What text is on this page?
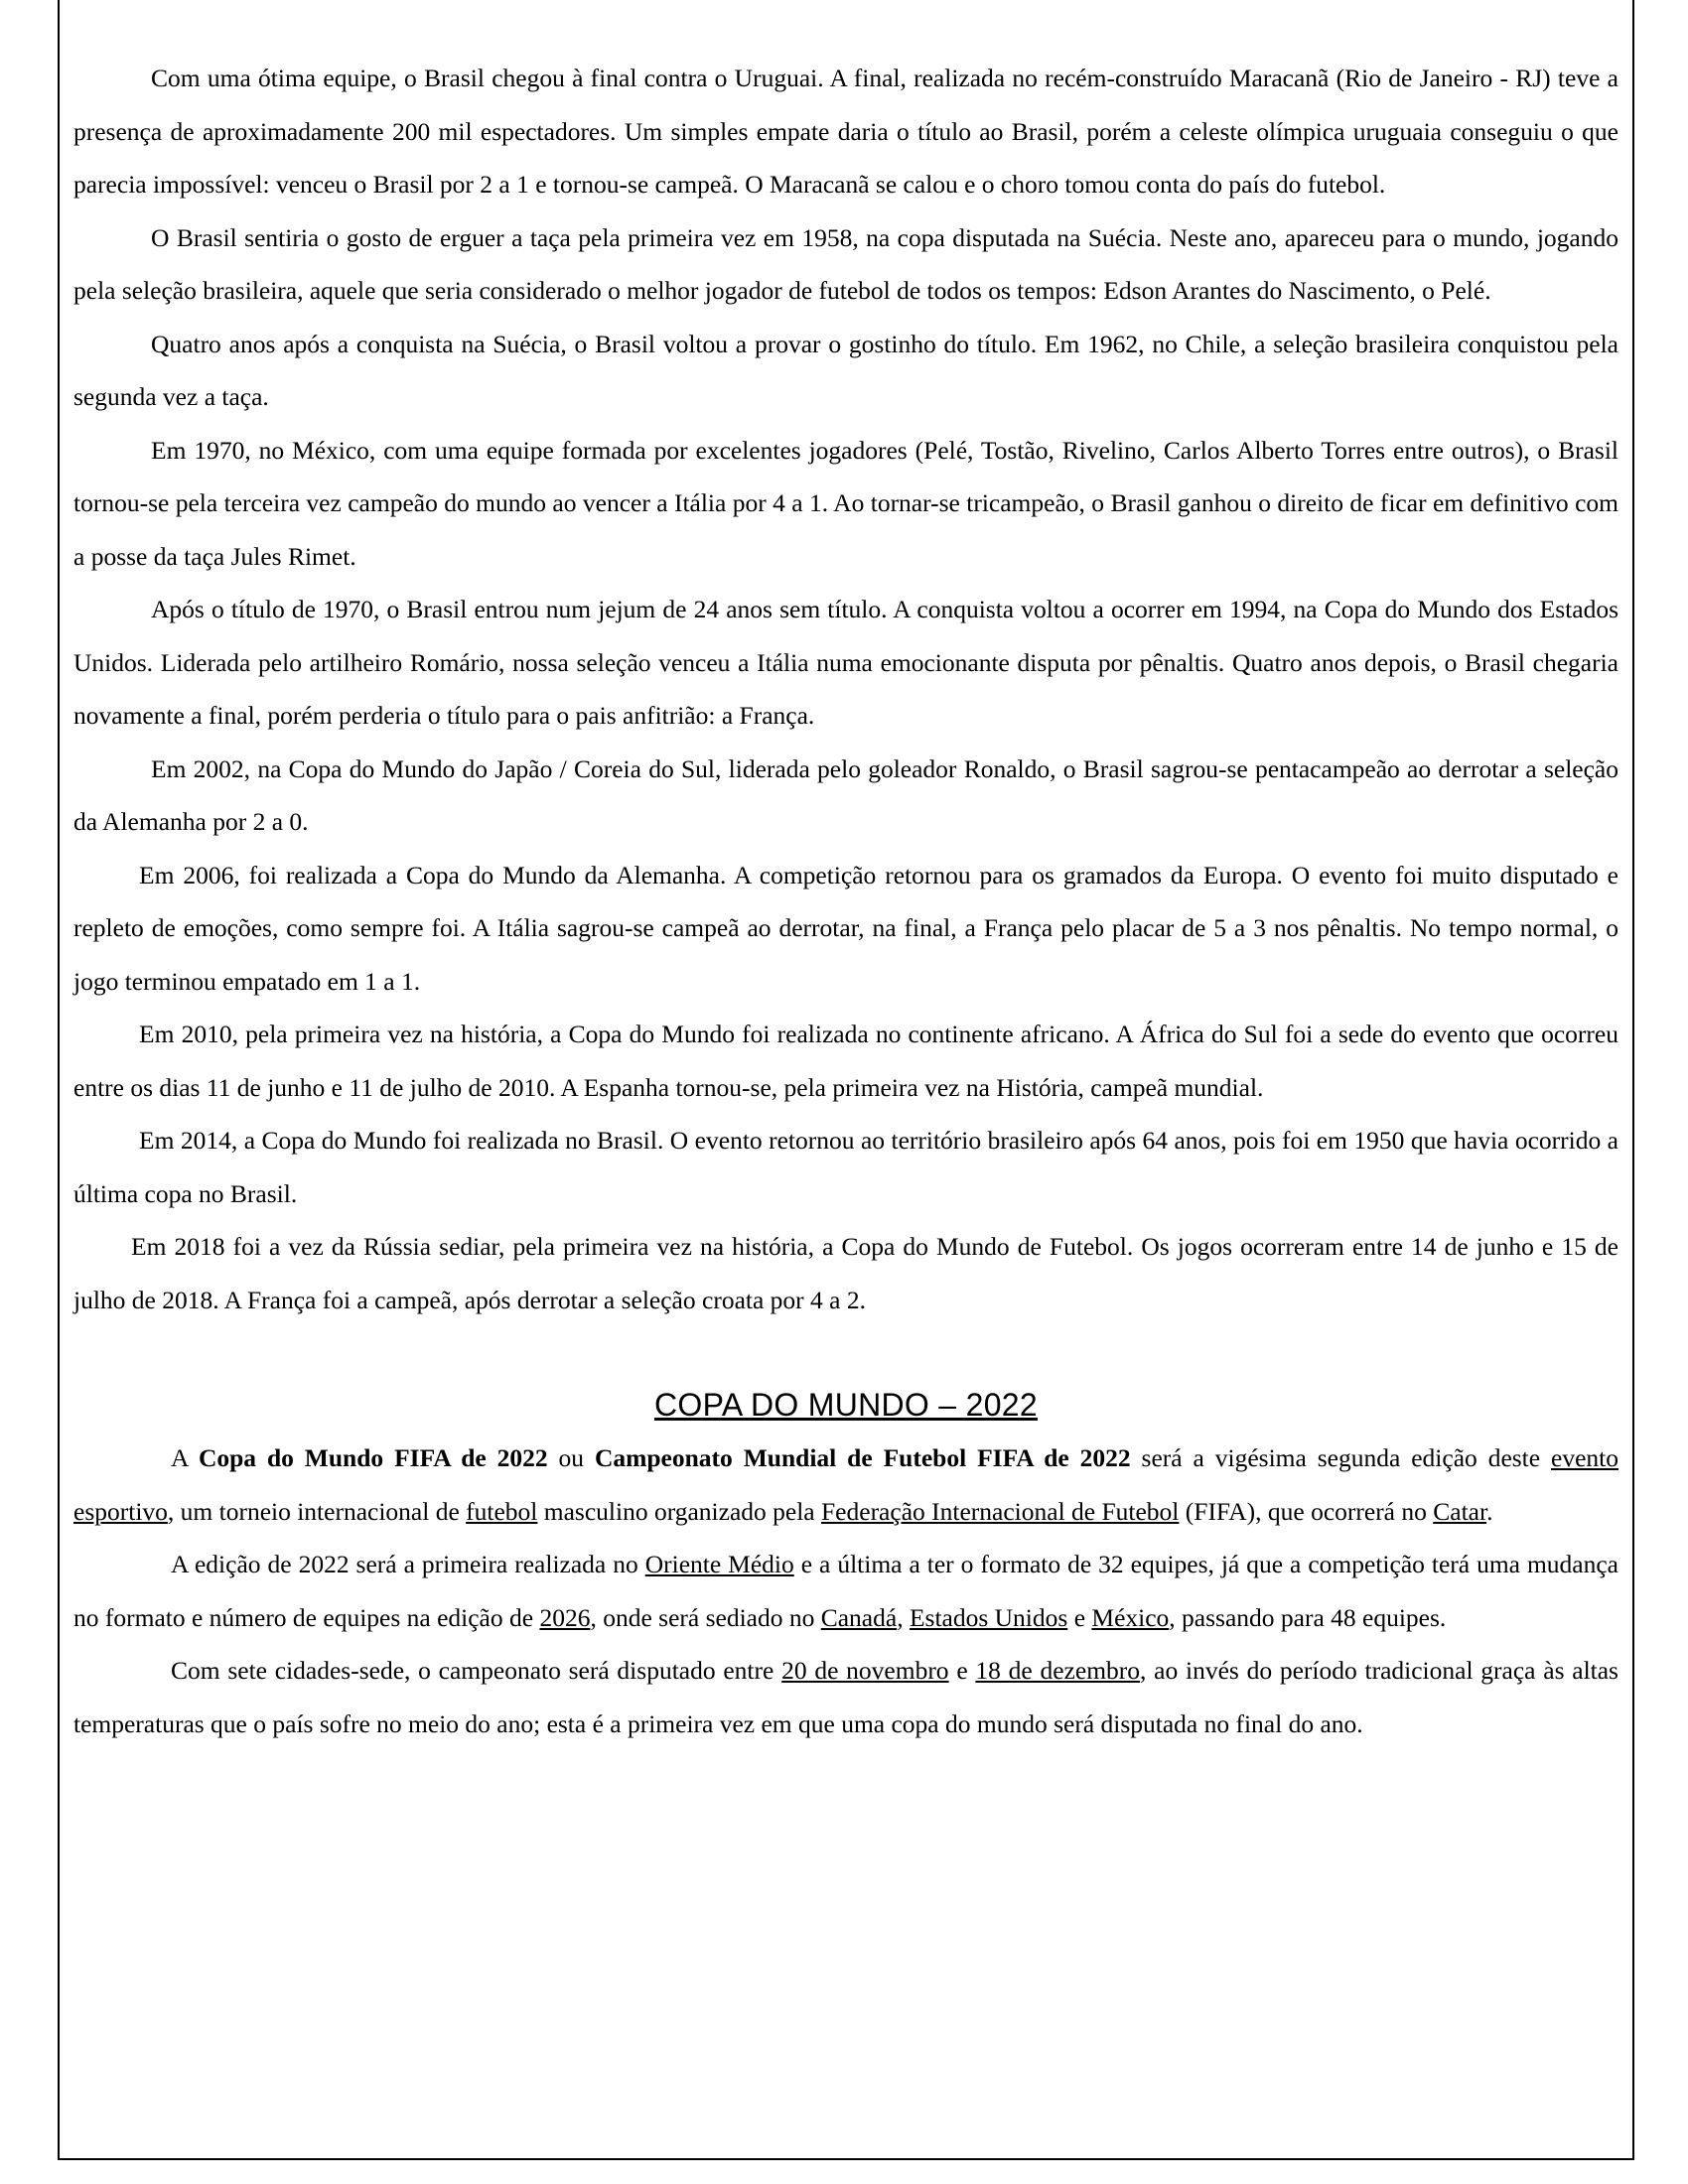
Com uma ótima equipe, o Brasil chegou à final contra o Uruguai. A final, realizada no recém-construído Maracanã (Rio de Janeiro - RJ) teve a presença de aproximadamente 200 mil espectadores. Um simples empate daria o título ao Brasil, porém a celeste olímpica uruguaia conseguiu o que parecia impossível: venceu o Brasil por 2 a 1 e tornou-se campeã. O Maracanã se calou e o choro tomou conta do país do futebol.

O Brasil sentiria o gosto de erguer a taça pela primeira vez em 1958, na copa disputada na Suécia. Neste ano, apareceu para o mundo, jogando pela seleção brasileira, aquele que seria considerado o melhor jogador de futebol de todos os tempos: Edson Arantes do Nascimento, o Pelé.

Quatro anos após a conquista na Suécia, o Brasil voltou a provar o gostinho do título. Em 1962, no Chile, a seleção brasileira conquistou pela segunda vez a taça.

Em 1970, no México, com uma equipe formada por excelentes jogadores (Pelé, Tostão, Rivelino, Carlos Alberto Torres entre outros), o Brasil tornou-se pela terceira vez campeão do mundo ao vencer a Itália por 4 a 1. Ao tornar-se tricampeão, o Brasil ganhou o direito de ficar em definitivo com a posse da taça Jules Rimet.

Após o título de 1970, o Brasil entrou num jejum de 24 anos sem título. A conquista voltou a ocorrer em 1994, na Copa do Mundo dos Estados Unidos. Liderada pelo artilheiro Romário, nossa seleção venceu a Itália numa emocionante disputa por pênaltis. Quatro anos depois, o Brasil chegaria novamente a final, porém perderia o título para o pais anfitrião: a França.

Em 2002, na Copa do Mundo do Japão / Coreia do Sul, liderada pelo goleador Ronaldo, o Brasil sagrou-se pentacampeão ao derrotar a seleção da Alemanha por 2 a 0.

Em 2006, foi realizada a Copa do Mundo da Alemanha. A competição retornou para os gramados da Europa. O evento foi muito disputado e repleto de emoções, como sempre foi. A Itália sagrou-se campeã ao derrotar, na final, a França pelo placar de 5 a 3 nos pênaltis. No tempo normal, o jogo terminou empatado em 1 a 1.

Em 2010, pela primeira vez na história, a Copa do Mundo foi realizada no continente africano. A África do Sul foi a sede do evento que ocorreu entre os dias 11 de junho e 11 de julho de 2010. A Espanha tornou-se, pela primeira vez na História, campeã mundial.

Em 2014, a Copa do Mundo foi realizada no Brasil. O evento retornou ao território brasileiro após 64 anos, pois foi em 1950 que havia ocorrido a última copa no Brasil.

Em 2018 foi a vez da Rússia sediar, pela primeira vez na história, a Copa do Mundo de Futebol. Os jogos ocorreram entre 14 de junho e 15 de julho de 2018. A França foi a campeã, após derrotar a seleção croata por 4 a 2.

COPA DO MUNDO – 2022

A Copa do Mundo FIFA de 2022 ou Campeonato Mundial de Futebol FIFA de 2022 será a vigésima segunda edição deste evento esportivo, um torneio internacional de futebol masculino organizado pela Federação Internacional de Futebol (FIFA), que ocorrerá no Catar.

A edição de 2022 será a primeira realizada no Oriente Médio e a última a ter o formato de 32 equipes, já que a competição terá uma mudança no formato e número de equipes na edição de 2026, onde será sediado no Canadá, Estados Unidos e México, passando para 48 equipes.

Com sete cidades-sede, o campeonato será disputado entre 20 de novembro e 18 de dezembro, ao invés do período tradicional graça às altas temperaturas que o país sofre no meio do ano; esta é a primeira vez em que uma copa do mundo será disputada no final do ano.
